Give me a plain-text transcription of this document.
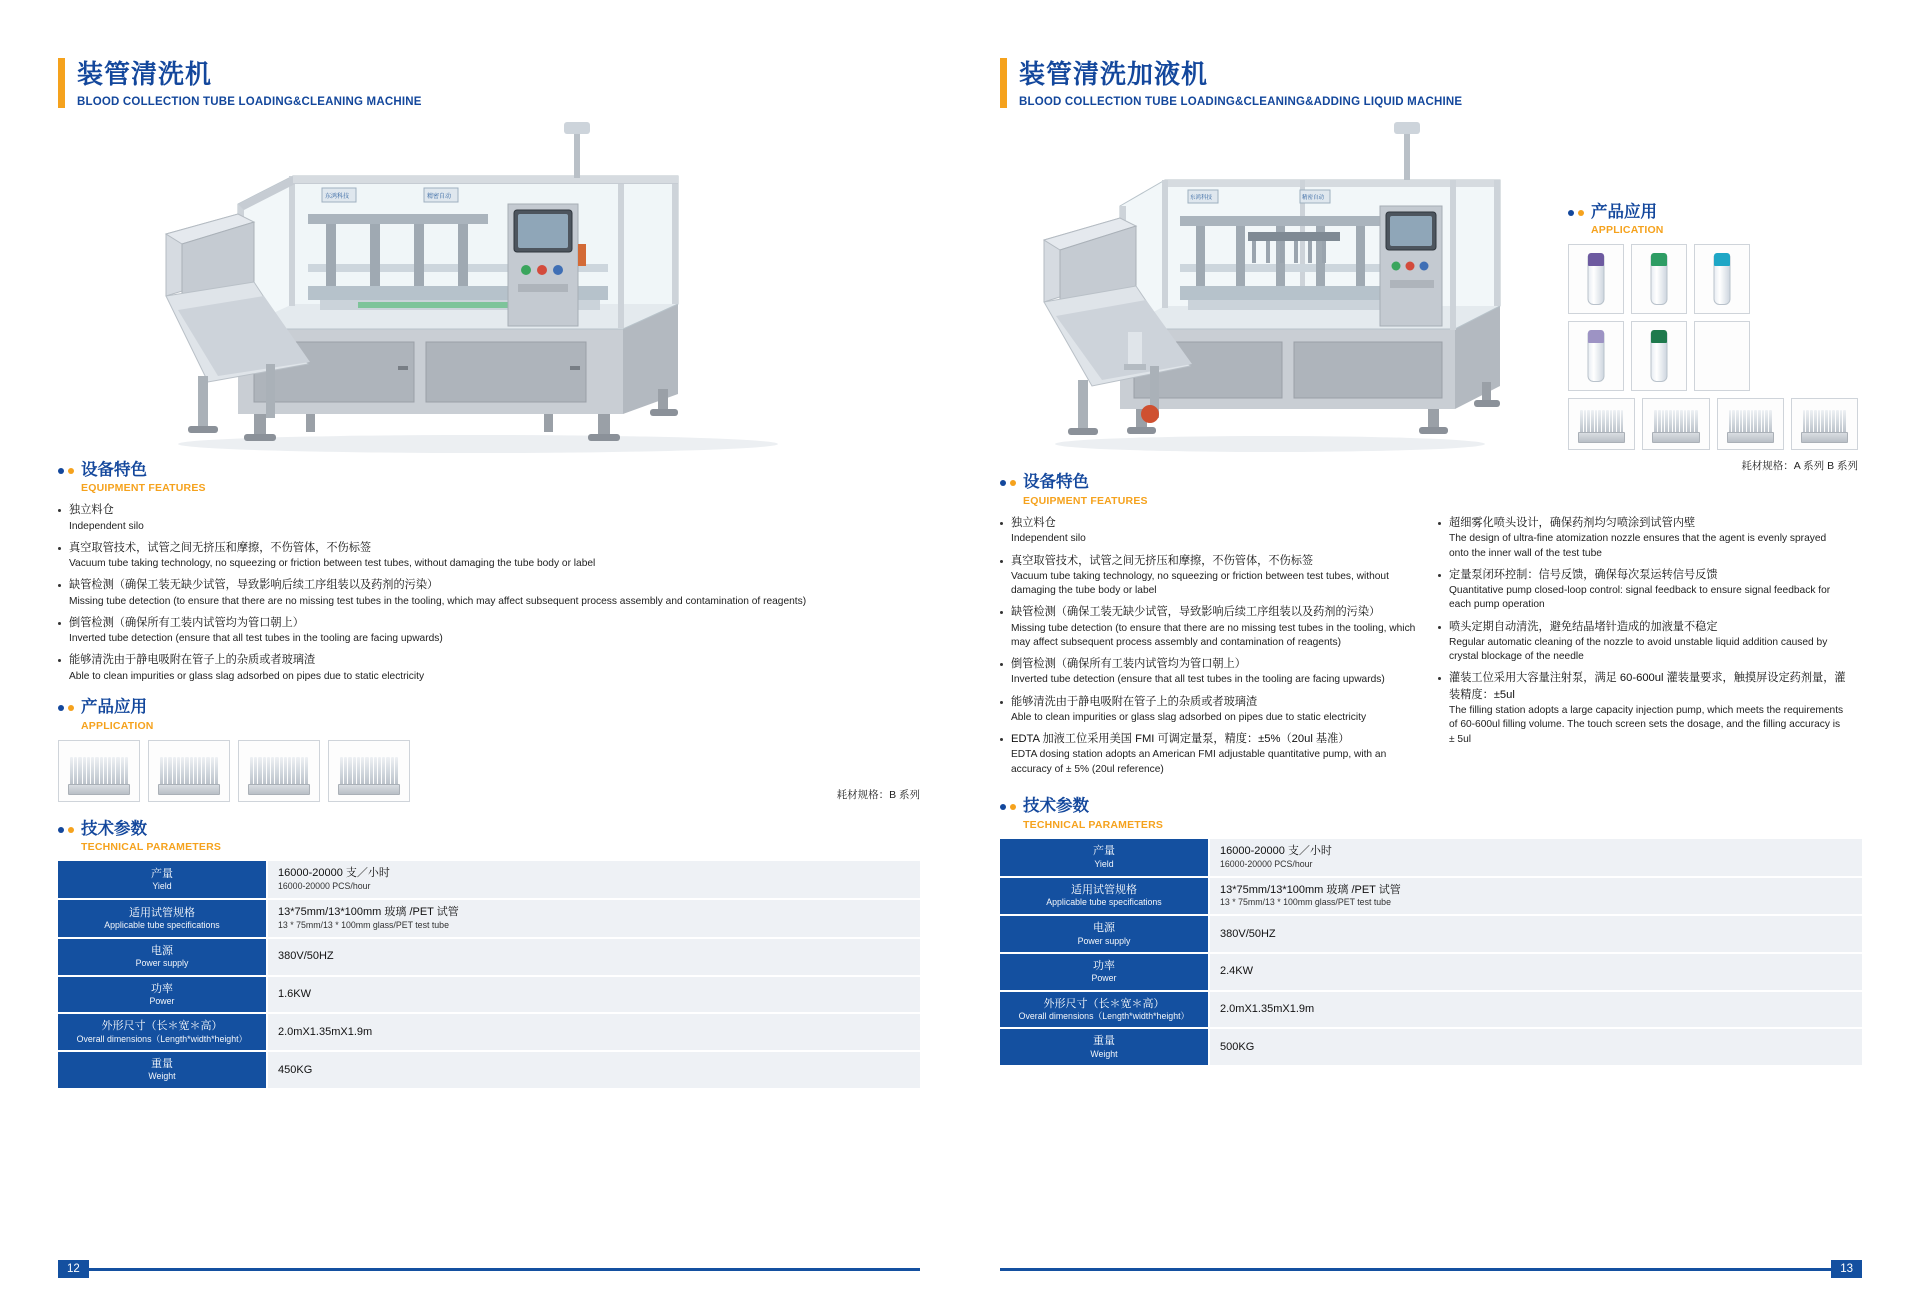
装管清洗机
BLOOD COLLECTION TUBE LOADING&CLEANING MACHINE
东鸿科技	精密自动
设备特色
EQUIPMENT FEATURES
独立料仓
Independent silo
真空取管技术，试管之间无挤压和摩擦，不伤管体，不伤标签
Vacuum tube taking technology, no squeezing or friction between test tubes, without damaging the tube body or label
缺管检测（确保工装无缺少试管，导致影响后续工序组装以及药剂的污染）
Missing tube detection (to ensure that there are no missing test tubes in the tooling, which may affect subsequent process assembly and contamination of reagents)
倒管检测（确保所有工装内试管均为管口朝上）
Inverted tube detection (ensure that all test tubes in the tooling are facing upwards)
能够清洗由于静电吸附在管子上的杂质或者玻璃渣
Able to clean impurities or glass slag adsorbed on pipes due to static electricity
产品应用
APPLICATION
耗材规格：B 系列
技术参数
TECHNICAL PARAMETERS
产量
Yield	16000-20000 支／小时
16000-20000 PCS/hour

适用试管规格
Applicable tube specifications	13*75mm/13*100mm 玻璃 /PET 试管
13 * 75mm/13 * 100mm glass/PET test tube

电源
Power supply	380V/50HZ

功率
Power	1.6KW

外形尺寸（长＊宽＊高）
Overall dimensions（Length*width*height）	2.0mX1.35mX1.9m

重量
Weight	450KG
12
装管清洗加液机
BLOOD COLLECTION TUBE LOADING&CLEANING&ADDING LIQUID MACHINE
东鸿科技	精密自动
产品应用
APPLICATION
耗材规格：A 系列 B 系列
设备特色
EQUIPMENT FEATURES
独立料仓
Independent silo
真空取管技术，试管之间无挤压和摩擦，不伤管体，不伤标签
Vacuum tube taking technology, no squeezing or friction between test tubes, without damaging the tube body or label
缺管检测（确保工装无缺少试管，导致影响后续工序组装以及药剂的污染）
Missing tube detection (to ensure that there are no missing test tubes in the tooling, which may affect subsequent process assembly and contamination of reagents)
倒管检测（确保所有工装内试管均为管口朝上）
Inverted tube detection (ensure that all test tubes in the tooling are facing upwards)
能够清洗由于静电吸附在管子上的杂质或者玻璃渣
Able to clean impurities or glass slag adsorbed on pipes due to static electricity
EDTA 加液工位采用美国 FMI 可调定量泵，精度：±5%（20ul 基准）
EDTA dosing station adopts an American FMI adjustable quantitative pump, with an accuracy of ± 5% (20ul reference)
超细雾化喷头设计，确保药剂均匀喷涂到试管内壁
The design of ultra-fine atomization nozzle ensures that the agent is evenly sprayed onto the inner wall of the test tube
定量泵闭环控制：信号反馈，确保每次泵运转信号反馈
Quantitative pump closed-loop control: signal feedback to ensure signal feedback for each pump operation
喷头定期自动清洗，避免结晶堵针造成的加液量不稳定
Regular automatic cleaning of the nozzle to avoid unstable liquid addition caused by crystal blockage of the needle
灌装工位采用大容量注射泵，满足 60-600ul 灌装量要求，触摸屏设定药剂量，灌装精度：±5ul
The filling station adopts a large capacity injection pump, which meets the requirements of 60-600ul filling volume. The touch screen sets the dosage, and the filling accuracy is ± 5ul
技术参数
TECHNICAL PARAMETERS
产量
Yield	16000-20000 支／小时
16000-20000 PCS/hour

适用试管规格
Applicable tube specifications	13*75mm/13*100mm 玻璃 /PET 试管
13 * 75mm/13 * 100mm glass/PET test tube

电源
Power supply	380V/50HZ

功率
Power	2.4KW

外形尺寸（长＊宽＊高）
Overall dimensions（Length*width*height）	2.0mX1.35mX1.9m

重量
Weight	500KG
13
